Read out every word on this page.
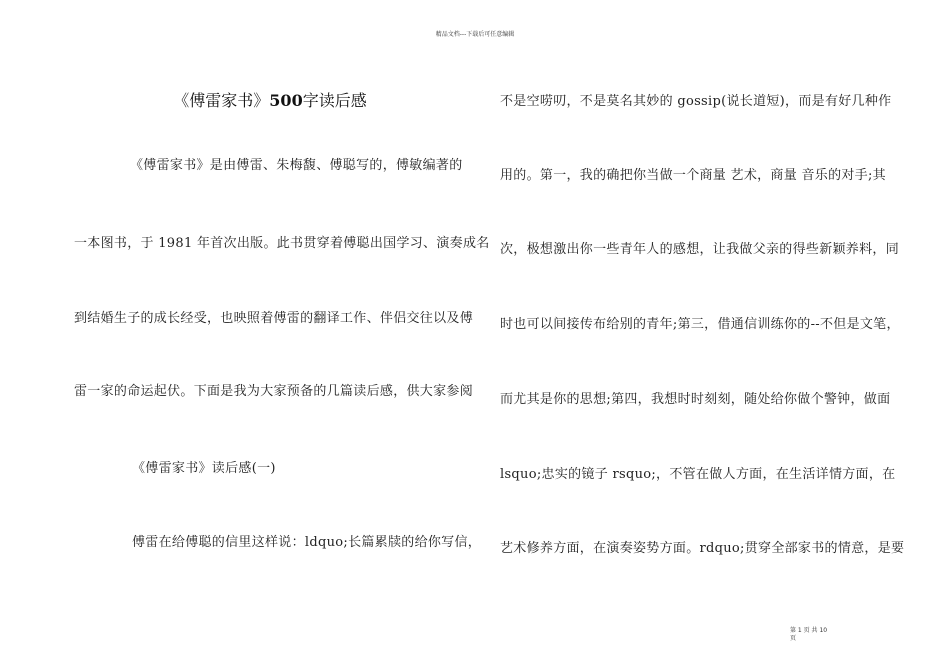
精品文档---下载后可任意编辑
《傅雷家书》500字读后感
《傅雷家书》是由傅雷、朱梅馥、傅聪写的，傅敏编著的
一本图书，于 1981 年首次出版。此书贯穿着傅聪出国学习、演奏成名
到结婚生子的成长经受，也映照着傅雷的翻译工作、伴侣交往以及傅
雷一家的命运起伏。下面是我为大家预备的几篇读后感，供大家参阅
《傅雷家书》读后感(一)
傅雷在给傅聪的信里这样说：ldquo;长篇累牍的给你写信，
不是空唠叨，不是莫名其妙的 gossip(说长道短)，而是有好几种作
用的。第一，我的确把你当做一个商量 艺术，商量 音乐的对手;其
次，极想激出你一些青年人的感想，让我做父亲的得些新颖养料，同
时也可以间接传布给别的青年;第三，借通信训练你的--不但是文笔，
而尤其是你的思想;第四，我想时时刻刻，随处给你做个警钟，做面
lsquo;忠实的镜子 rsquo;，不管在做人方面，在生活详情方面，在
艺术修养方面，在演奏姿势方面。rdquo;贯穿全部家书的情意，是要
第 1 页 共 10
页
